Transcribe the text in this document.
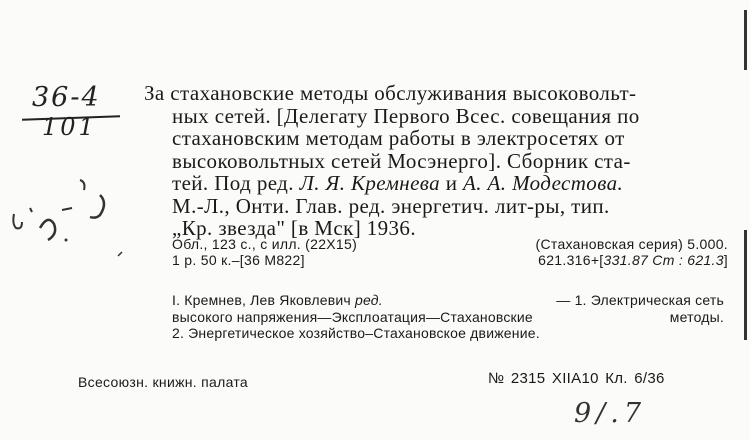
36-4
101
За стахановские методы обслуживания высоковольт-
ных сетей. [Делегату Первого Всес. совещания по
стахановским методам работы в электросетях от
высоковольтных сетей Мосэнерго]. Сборник ста-
тей. Под ред. Л. Я. Кремнева и А. А. Модестова.
М.-Л., Онти. Глав. ред. энергетич. лит-ры, тип.
„Кр. звезда" [в Мск] 1936.
Обл., 123 с., с илл. (22X15)	(Стахановская серия) 5.000.
1 р. 50 к.–[36 М822]	621.316+[331.87 Cm : 621.3]
I. Кремнев, Лев Яковлевич ред.	— 1. Электрическая сеть
высокого напряжения—Эксплоатация—Стахановские	методы.
2. Энергетическое хозяйство–Стахановское движение.
Всесоюзн. книжн. палата	№ 2315 XIIA10 Кл. 6/36
9/.7
